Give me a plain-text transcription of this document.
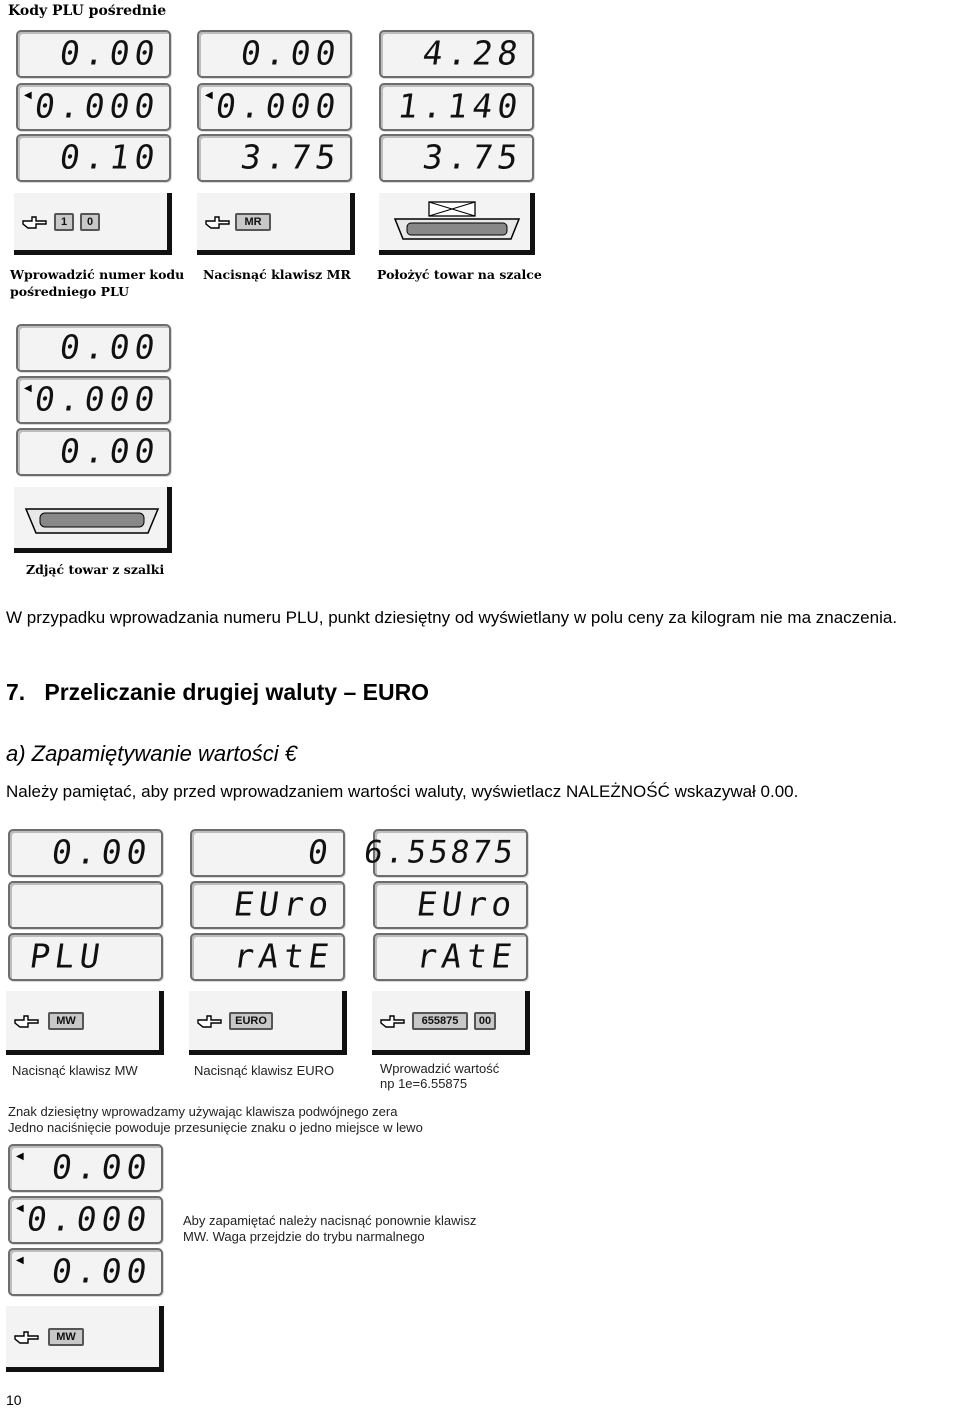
Kody PLU pośrednie
0.00
◀ 0.000
0.10
1	0
Wprowadzić numer kodu pośredniego PLU
0.00
◀ 0.000
3.75
MR
Nacisnąć klawisz MR
4.28
1.140
3.75
Położyć towar na szalce
0.00
◀ 0.000
0.00
Zdjąć towar z szalki
W przypadku wprowadzania numeru PLU, punkt dziesiętny od wyświetlany w polu ceny za kilogram nie ma znaczenia.
7.   Przeliczanie drugiej waluty – EURO
a) Zapamiętywanie wartości €
Należy pamiętać, aby przed wprowadzaniem wartości waluty, wyświetlacz NALEŻNOŚĆ wskazywał 0.00.
0.00
PLU
MW
Nacisnąć klawisz MW
0
EUro
rAtE
EURO
Nacisnąć klawisz EURO
6.55875
EUro
rAtE
655875	00
Wprowadzić wartość
np 1e=6.55875
Znak dziesiętny wprowadzamy używając klawisza podwójnego zera
Jedno naciśnięcie powoduje przesunięcie znaku o jedno miejsce w lewo
◀ 0.00
◀ 0.000
◀ 0.00
Aby zapamiętać należy nacisnąć ponownie klawisz
MW. Waga przejdzie do trybu narmalnego
MW
10
